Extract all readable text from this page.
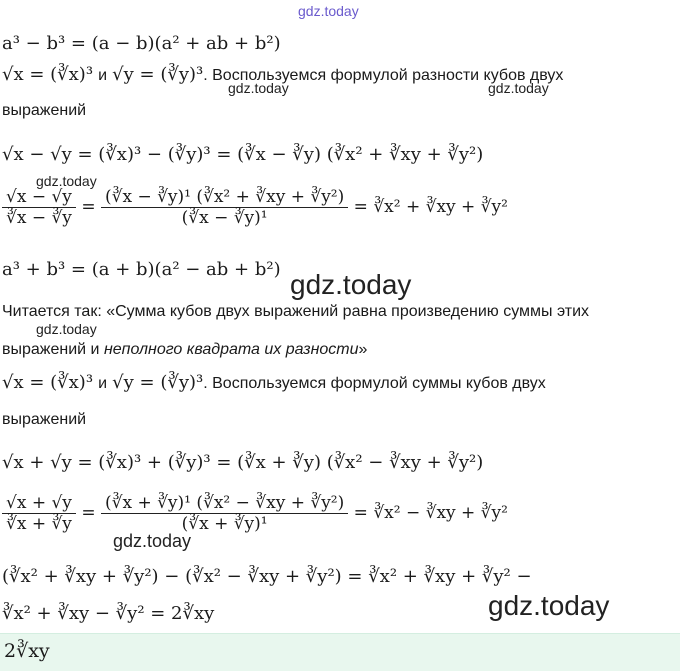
gdz.today
gdz.today	gdz.today
gdz.today
gdz.today
gdz.today
gdz.today
gdz.today
a³ − b³ = (a − b)(a² + ab + b²)
√x = (∛x)³ и √y = (∛y)³. Воспользуемся формулой разности кубов двух
выражений
√x − √y = (∛x)³ − (∛y)³ = (∛x − ∛y) (∛x² + ∛xy + ∛y²)
$\frac{√x - √y}{∛x - ∛y} = \frac{\text{(∛x − ∛y)¹ (∛x² + ∛xy + ∛y²)}}{\text{(∛x − ∛y)¹}}$ = ∛x² + ∛xy + ∛y²
a³ + b³ = (a + b)(a² − ab + b²)
Читается так: «Сумма кубов двух выражений равна произведению суммы этих
выражений и неполного квадрата их разности»
√x = (∛x)³ и √y = (∛y)³. Воспользуемся формулой суммы кубов двух
выражений
√x + √y = (∛x)³ + (∛y)³ = (∛x + ∛y) (∛x² − ∛xy + ∛y²)
$\frac{√x + √y}{∛x + ∛y} = \frac{\text{(∛x + ∛y)¹ (∛x² − ∛xy + ∛y²)}}{\text{(∛x + ∛y)¹}}$ = ∛x² − ∛xy + ∛y²
(∛x² + ∛xy + ∛y²) − (∛x² − ∛xy + ∛y²) = ∛x² + ∛xy + ∛y² −
∛x² + ∛xy − ∛y² = 2∛xy
2∛xy
